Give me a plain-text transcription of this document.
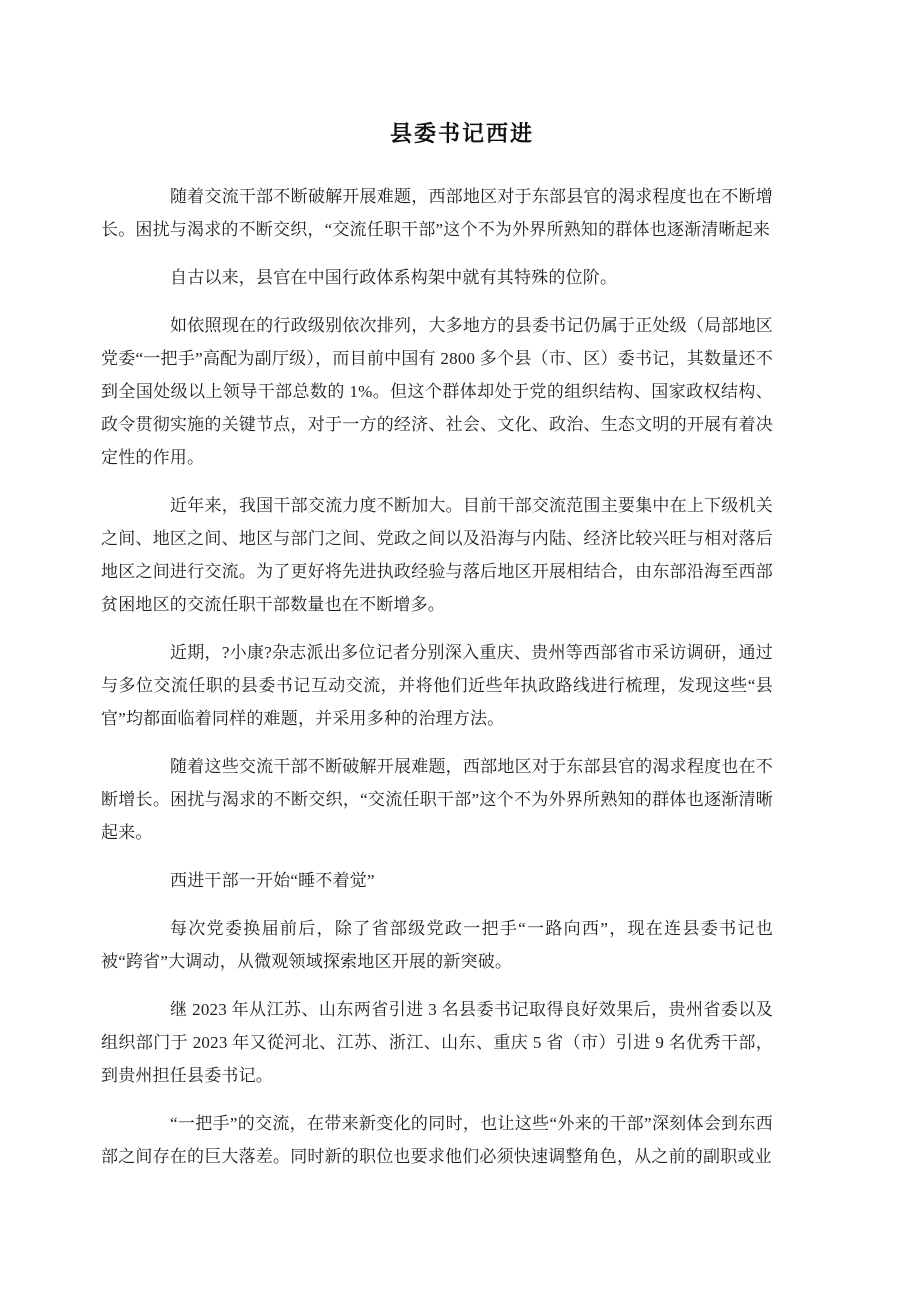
县委书记西进

随着交流干部不断破解开展难题，西部地区对于东部县官的渴求程度也在不断增长。困扰与渴求的不断交织，“交流任职干部”这个不为外界所熟知的群体也逐渐清晰起来

自古以来，县官在中国行政体系构架中就有其特殊的位阶。

如依照现在的行政级别依次排列，大多地方的县委书记仍属于正处级（局部地区党委“一把手”高配为副厅级），而目前中国有 2800 多个县（市、区）委书记，其数量还不到全国处级以上领导干部总数的 1%。但这个群体却处于党的组织结构、国家政权结构、政令贯彻实施的关键节点，对于一方的经济、社会、文化、政治、生态文明的开展有着决定性的作用。

近年来，我国干部交流力度不断加大。目前干部交流范围主要集中在上下级机关之间、地区之间、地区与部门之间、党政之间以及沿海与内陆、经济比较兴旺与相对落后地区之间进行交流。为了更好将先进执政经验与落后地区开展相结合，由东部沿海至西部贫困地区的交流任职干部数量也在不断增多。

近期，?小康?杂志派出多位记者分别深入重庆、贵州等西部省市采访调研，通过与多位交流任职的县委书记互动交流，并将他们近些年执政路线进行梳理，发现这些“县官”均都面临着同样的难题，并采用多种的治理方法。

随着这些交流干部不断破解开展难题，西部地区对于东部县官的渴求程度也在不断增长。困扰与渴求的不断交织，“交流任职干部”这个不为外界所熟知的群体也逐渐清晰起来。

西进干部一开始“睡不着觉”

每次党委换届前后，除了省部级党政一把手“一路向西”，现在连县委书记也被“跨省”大调动，从微观领域探索地区开展的新突破。

继 2023 年从江苏、山东两省引进 3 名县委书记取得良好效果后，贵州省委以及组织部门于 2023 年又從河北、江苏、浙江、山东、重庆 5 省（市）引进 9 名优秀干部，到贵州担任县委书记。

“一把手”的交流，在带来新变化的同时，也让这些“外来的干部”深刻体会到东西部之间存在的巨大落差。同时新的职位也要求他们必须快速调整角色，从之前的副职或业
